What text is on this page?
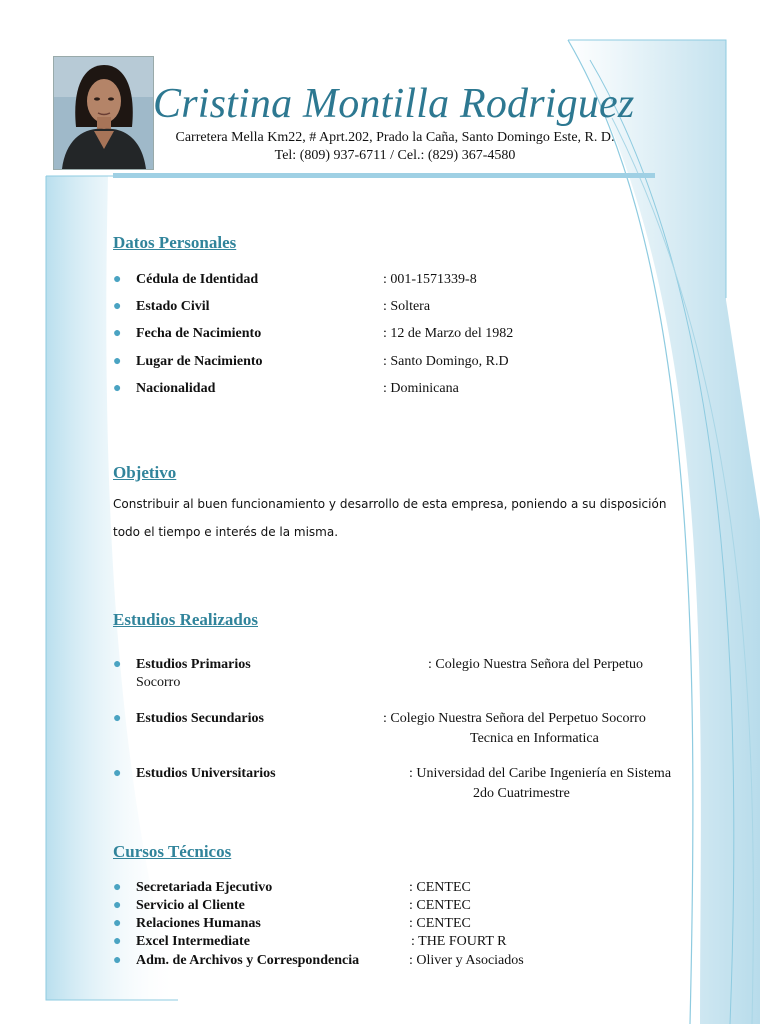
Cristina Montilla Rodriguez
Carretera Mella Km22, # Aprt.202, Prado la Caña, Santo Domingo Este, R. D.
Tel: (809) 937-6711 / Cel.: (829) 367-4580
Datos Personales
● Cédula de Identidad	: 001-1571339-8
● Estado Civil	: Soltera
● Fecha de Nacimiento	: 12 de Marzo del 1982
● Lugar de Nacimiento	: Santo Domingo, R.D
● Nacionalidad	: Dominicana
Objetivo
Constribuir al buen funcionamiento y desarrollo de esta empresa, poniendo a su disposición todo el tiempo e interés de la misma.
Estudios Realizados
● Estudios Primarios	: Colegio Nuestra Señora del Perpetuo
Socorro
● Estudios Secundarios	: Colegio Nuestra Señora del Perpetuo Socorro
Tecnica en Informatica
● Estudios Universitarios	: Universidad del Caribe Ingeniería en Sistema
2do Cuatrimestre
Cursos Técnicos
● Secretariada Ejecutivo	: CENTEC
● Servicio al Cliente	: CENTEC
● Relaciones Humanas	: CENTEC
● Excel Intermediate	: THE FOURT R
● Adm. de Archivos y Correspondencia	: Oliver y Asociados
